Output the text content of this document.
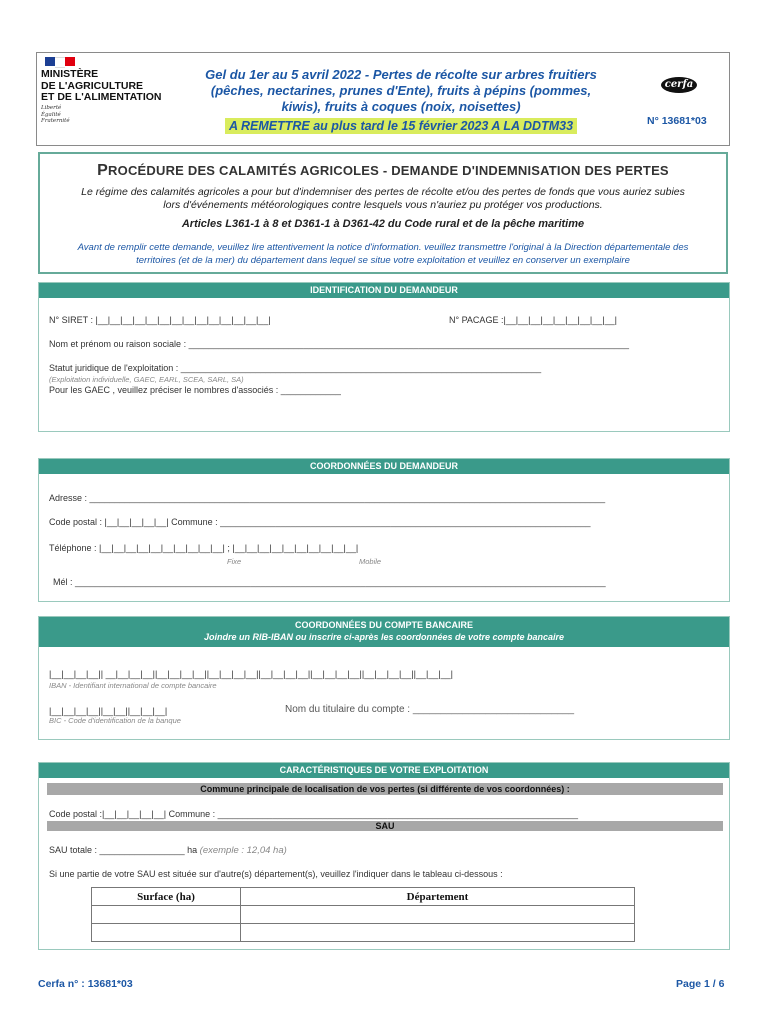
MINISTÈRE
DE L'AGRICULTURE
ET DE L'ALIMENTATION
Liberté
Égalité
Fraternité
Gel du 1er au 5 avril 2022 - Pertes de récolte sur arbres fruitiers
(pêches, nectarines, prunes d'Ente), fruits à pépins (pommes,
kiwis), fruits à coques (noix, noisettes)
A REMETTRE au plus tard le 15 février 2023 A LA DDTM33
cerfa
N° 13681*03
PROCÉDURE DES CALAMITÉS AGRICOLES - DEMANDE D'INDEMNISATION DES PERTES
Le régime des calamités agricoles a pour but d'indemniser des pertes de récolte et/ou des pertes de fonds que vous auriez subies
lors d'événements météorologiques contre lesquels vous n'auriez pu protéger vos productions.
Articles L361-1 à 8 et D361-1 à D361-42 du Code rural et de la pêche maritime
Avant de remplir cette demande, veuillez lire attentivement la notice d'information. veuillez transmettre l'original à la Direction départementale des
territoires (et de la mer) du département dans lequel se situe votre exploitation et veuillez en conserver un exemplaire
IDENTIFICATION DU DEMANDEUR
N° SIRET : |__|__|__|__|__|__|__|__|__|__|__|__|__|__|	N° PACAGE :|__|__|__|__|__|__|__|__|__|
Nom et prénom ou raison sociale : ________________________________________________________________________________________
Statut juridique de l'exploitation : ________________________________________________________________________
(Exploitation individuelle, GAEC, EARL, SCEA, SARL, SA)
Pour les GAEC , veuillez préciser le nombres d'associés : ____________
COORDONNÉES DU DEMANDEUR
Adresse : _______________________________________________________________________________________________________
Code postal : |__|__|__|__|__| Commune : __________________________________________________________________________
Téléphone : |__|__|__|__|__|__|__|__|__|__| ; |__|__|__|__|__|__|__|__|__|__|
Fixe	Mobile
Mél : __________________________________________________________________________________________________________
COORDONNÉES DU COMPTE BANCAIRE
Joindre un RIB-IBAN ou inscrire ci-après les coordonnées de votre compte bancaire
|__|__|__|__|| __|__|__|__||__|__|__|__||__|__|__|__||__|__|__|__||__|__|__|__||__|__|__|__||__|__|__|
IBAN - Identifiant international de compte bancaire
|__|__|__|__||__|__||__|__|__|
BIC - Code d'identification de la banque
Nom du titulaire du compte : _____________________________
CARACTÉRISTIQUES DE VOTRE EXPLOITATION
Commune principale de localisation de vos pertes (si différente de vos coordonnées) :
Code postal :|__|__|__|__|__| Commune : ________________________________________________________________________
SAU
SAU totale : _________________ ha (exemple : 12,04 ha)
Si une partie de votre SAU est située sur d'autre(s) département(s), veuillez l'indiquer dans le tableau ci-dessous :
Surface (ha)	Département

Cerfa n° : 13681*03	Page 1 / 6
